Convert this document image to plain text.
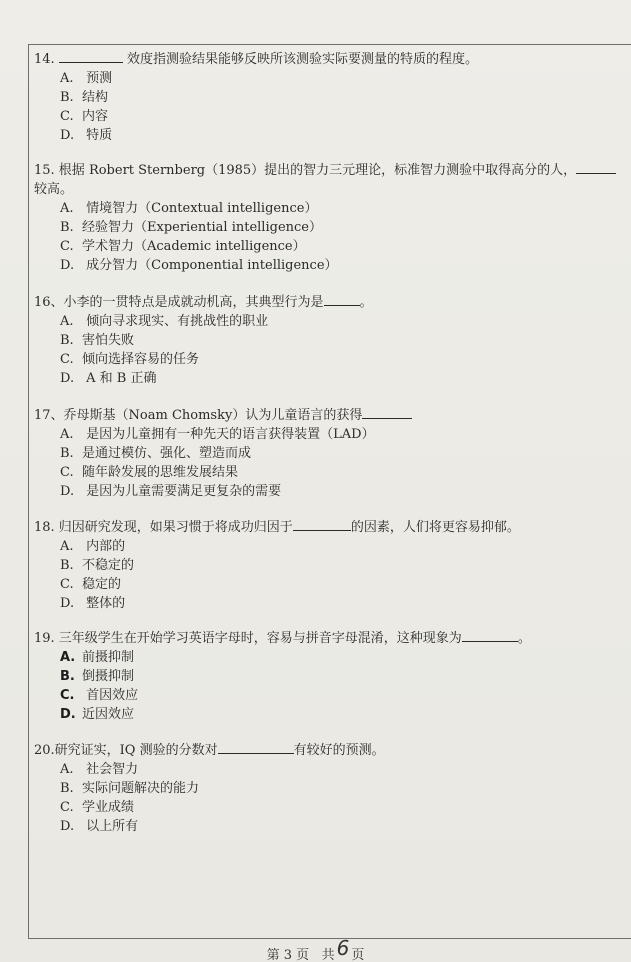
14.	效度指测验结果能够反映所该测验实际要测量的特质的程度。

A. 预测
B. 结构
C. 内容
D. 特质

15. 根据 Robert Sternberg（1985）提出的智力三元理论，标准智力测验中取得高分的人，

较高。

A. 情境智力（Contextual intelligence）
B. 经验智力（Experiential intelligence）
C. 学术智力（Academic intelligence）
D. 成分智力（Componential intelligence）

16、小李的一贯特点是成就动机高，其典型行为是	。

A. 倾向寻求现实、有挑战性的职业
B. 害怕失败
C. 倾向选择容易的任务
D. A 和 B 正确

17、乔母斯基（Noam Chomsky）认为儿童语言的获得

A. 是因为儿童拥有一种先天的语言获得装置（LAD）
B. 是通过模仿、强化、塑造而成
C. 随年龄发展的思维发展结果
D. 是因为儿童需要满足更复杂的需要

18. 归因研究发现，如果习惯于将成功归因于	的因素，人们将更容易抑郁。

A. 内部的
B. 不稳定的
C. 稳定的
D. 整体的

19. 三年级学生在开始学习英语字母时，容易与拼音字母混淆，这种现象为	。

A. 前摄抑制
B. 倒摄抑制
C. 首因效应
D. 近因效应

20.研究证实，IQ 测验的分数对	有较好的预测。

A. 社会智力
B. 实际问题解决的能力
C. 学业成绩
D. 以上所有
第 3 页 共 6 页
